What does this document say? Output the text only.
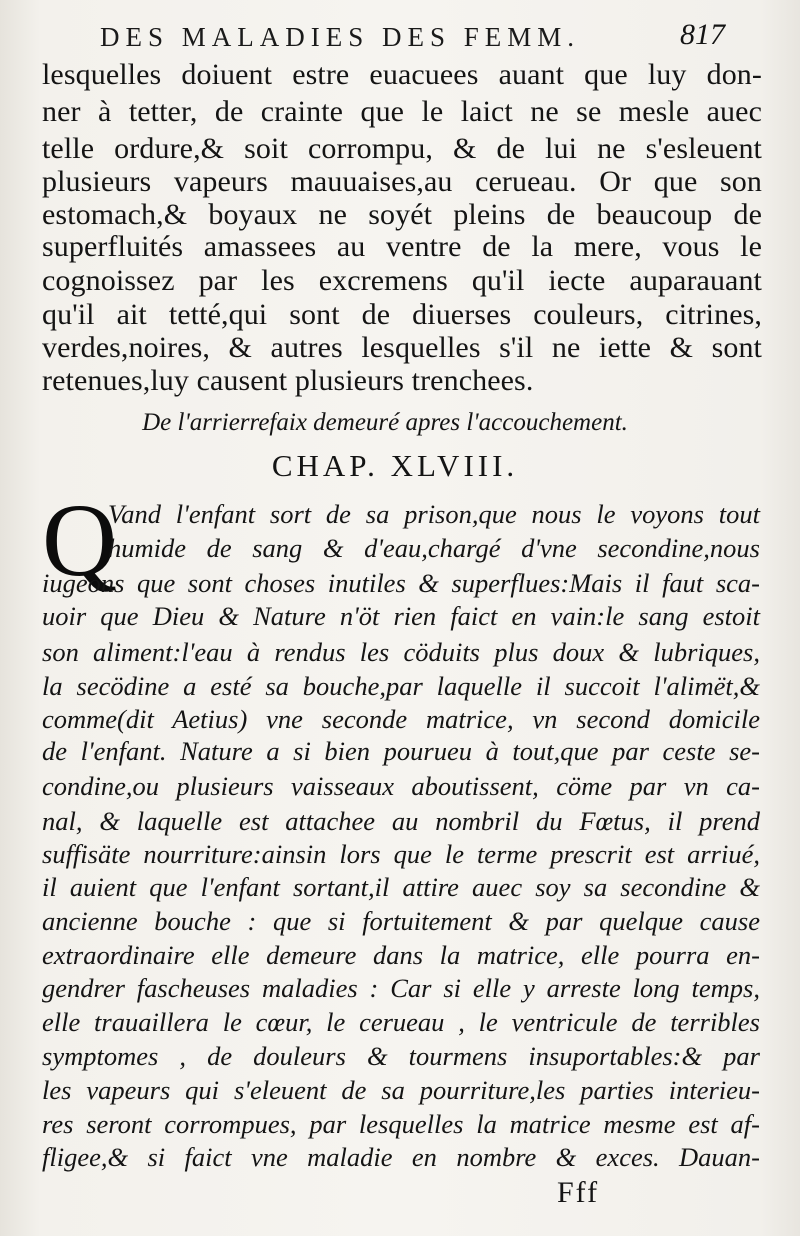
DES MALADIES DES FEMM.	817
lesquelles doiuent estre euacuees auant que luy don-
ner à tetter, de crainte que le laict ne se mesle auec
telle ordure,& soit corrompu, & de lui ne s'esleuent
plusieurs vapeurs mauuaises,au cerueau. Or que son
estomach,& boyaux ne soyét pleins de beaucoup de
superfluités amassees au ventre de la mere, vous le
cognoissez par les excremens qu'il iecte auparauant
qu'il ait tetté,qui sont de diuerses couleurs, citrines,
verdes,noires, & autres lesquelles s'il ne iette & sont
retenues,luy causent plusieurs trenchees.
De l'arrierrefaix demeuré apres l'accouchement.
CHAP. XLVIII.
Q
Vand l'enfant sort de sa prison,que nous le voyons tout
humide de sang & d'eau,chargé d'vne secondine,nous
iugeons que sont choses inutiles & superflues:Mais il faut sca-
uoir que Dieu & Nature n'öt rien faict en vain:le sang estoit
son aliment:l'eau à rendus les cöduits plus doux & lubriques,
la secödine a esté sa bouche,par laquelle il succoit l'alimët,&
comme(dit Aetius) vne seconde matrice, vn second domicile
de l'enfant. Nature a si bien pourueu à tout,que par ceste se-
condine,ou plusieurs vaisseaux aboutissent, cöme par vn ca-
nal, & laquelle est attachee au nombril du Fœtus, il prend
suffisäte nourriture:ainsin lors que le terme prescrit est arriué,
il auient que l'enfant sortant,il attire auec soy sa secondine &
ancienne bouche : que si fortuitement & par quelque cause
extraordinaire elle demeure dans la matrice, elle pourra en-
gendrer fascheuses maladies : Car si elle y arreste long temps,
elle trauaillera le cœur, le cerueau , le ventricule de terribles
symptomes , de douleurs & tourmens insuportables:& par
les vapeurs qui s'eleuent de sa pourriture,les parties interieu-
res seront corrompues, par lesquelles la matrice mesme est af-
fligee,& si faict vne maladie en nombre & exces. Dauan-
Fff
